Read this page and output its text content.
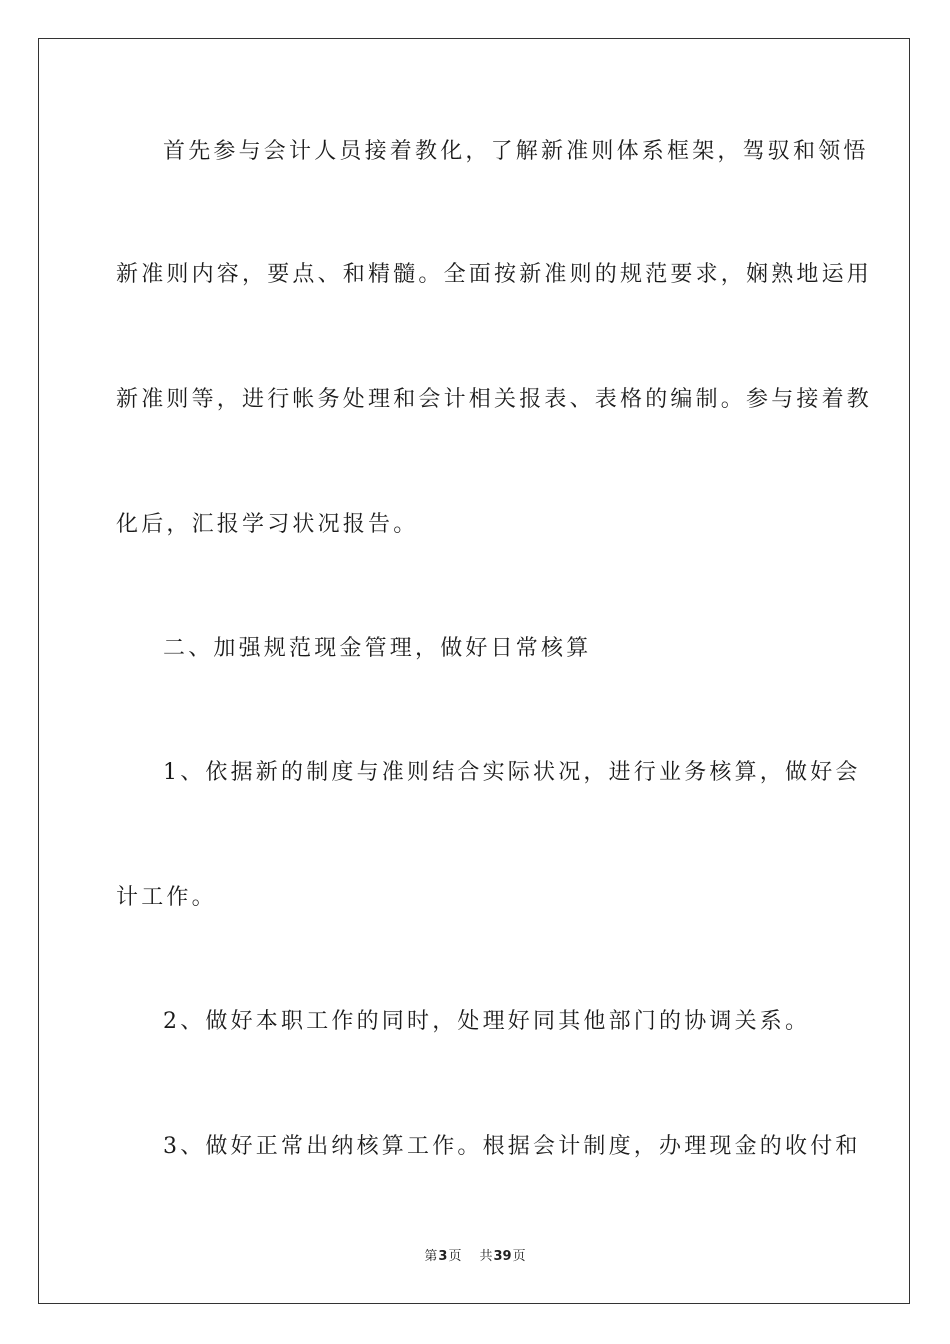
首先参与会计人员接着教化，了解新准则体系框架，驾驭和领悟
新准则内容，要点、和精髓。全面按新准则的规范要求，娴熟地运用
新准则等，进行帐务处理和会计相关报表、表格的编制。参与接着教
化后，汇报学习状况报告。
二、加强规范现金管理，做好日常核算
1、依据新的制度与准则结合实际状况，进行业务核算，做好会
计工作。
2、做好本职工作的同时，处理好同其他部门的协调关系。
3、做好正常出纳核算工作。根据会计制度，办理现金的收付和
第3页 共39页
